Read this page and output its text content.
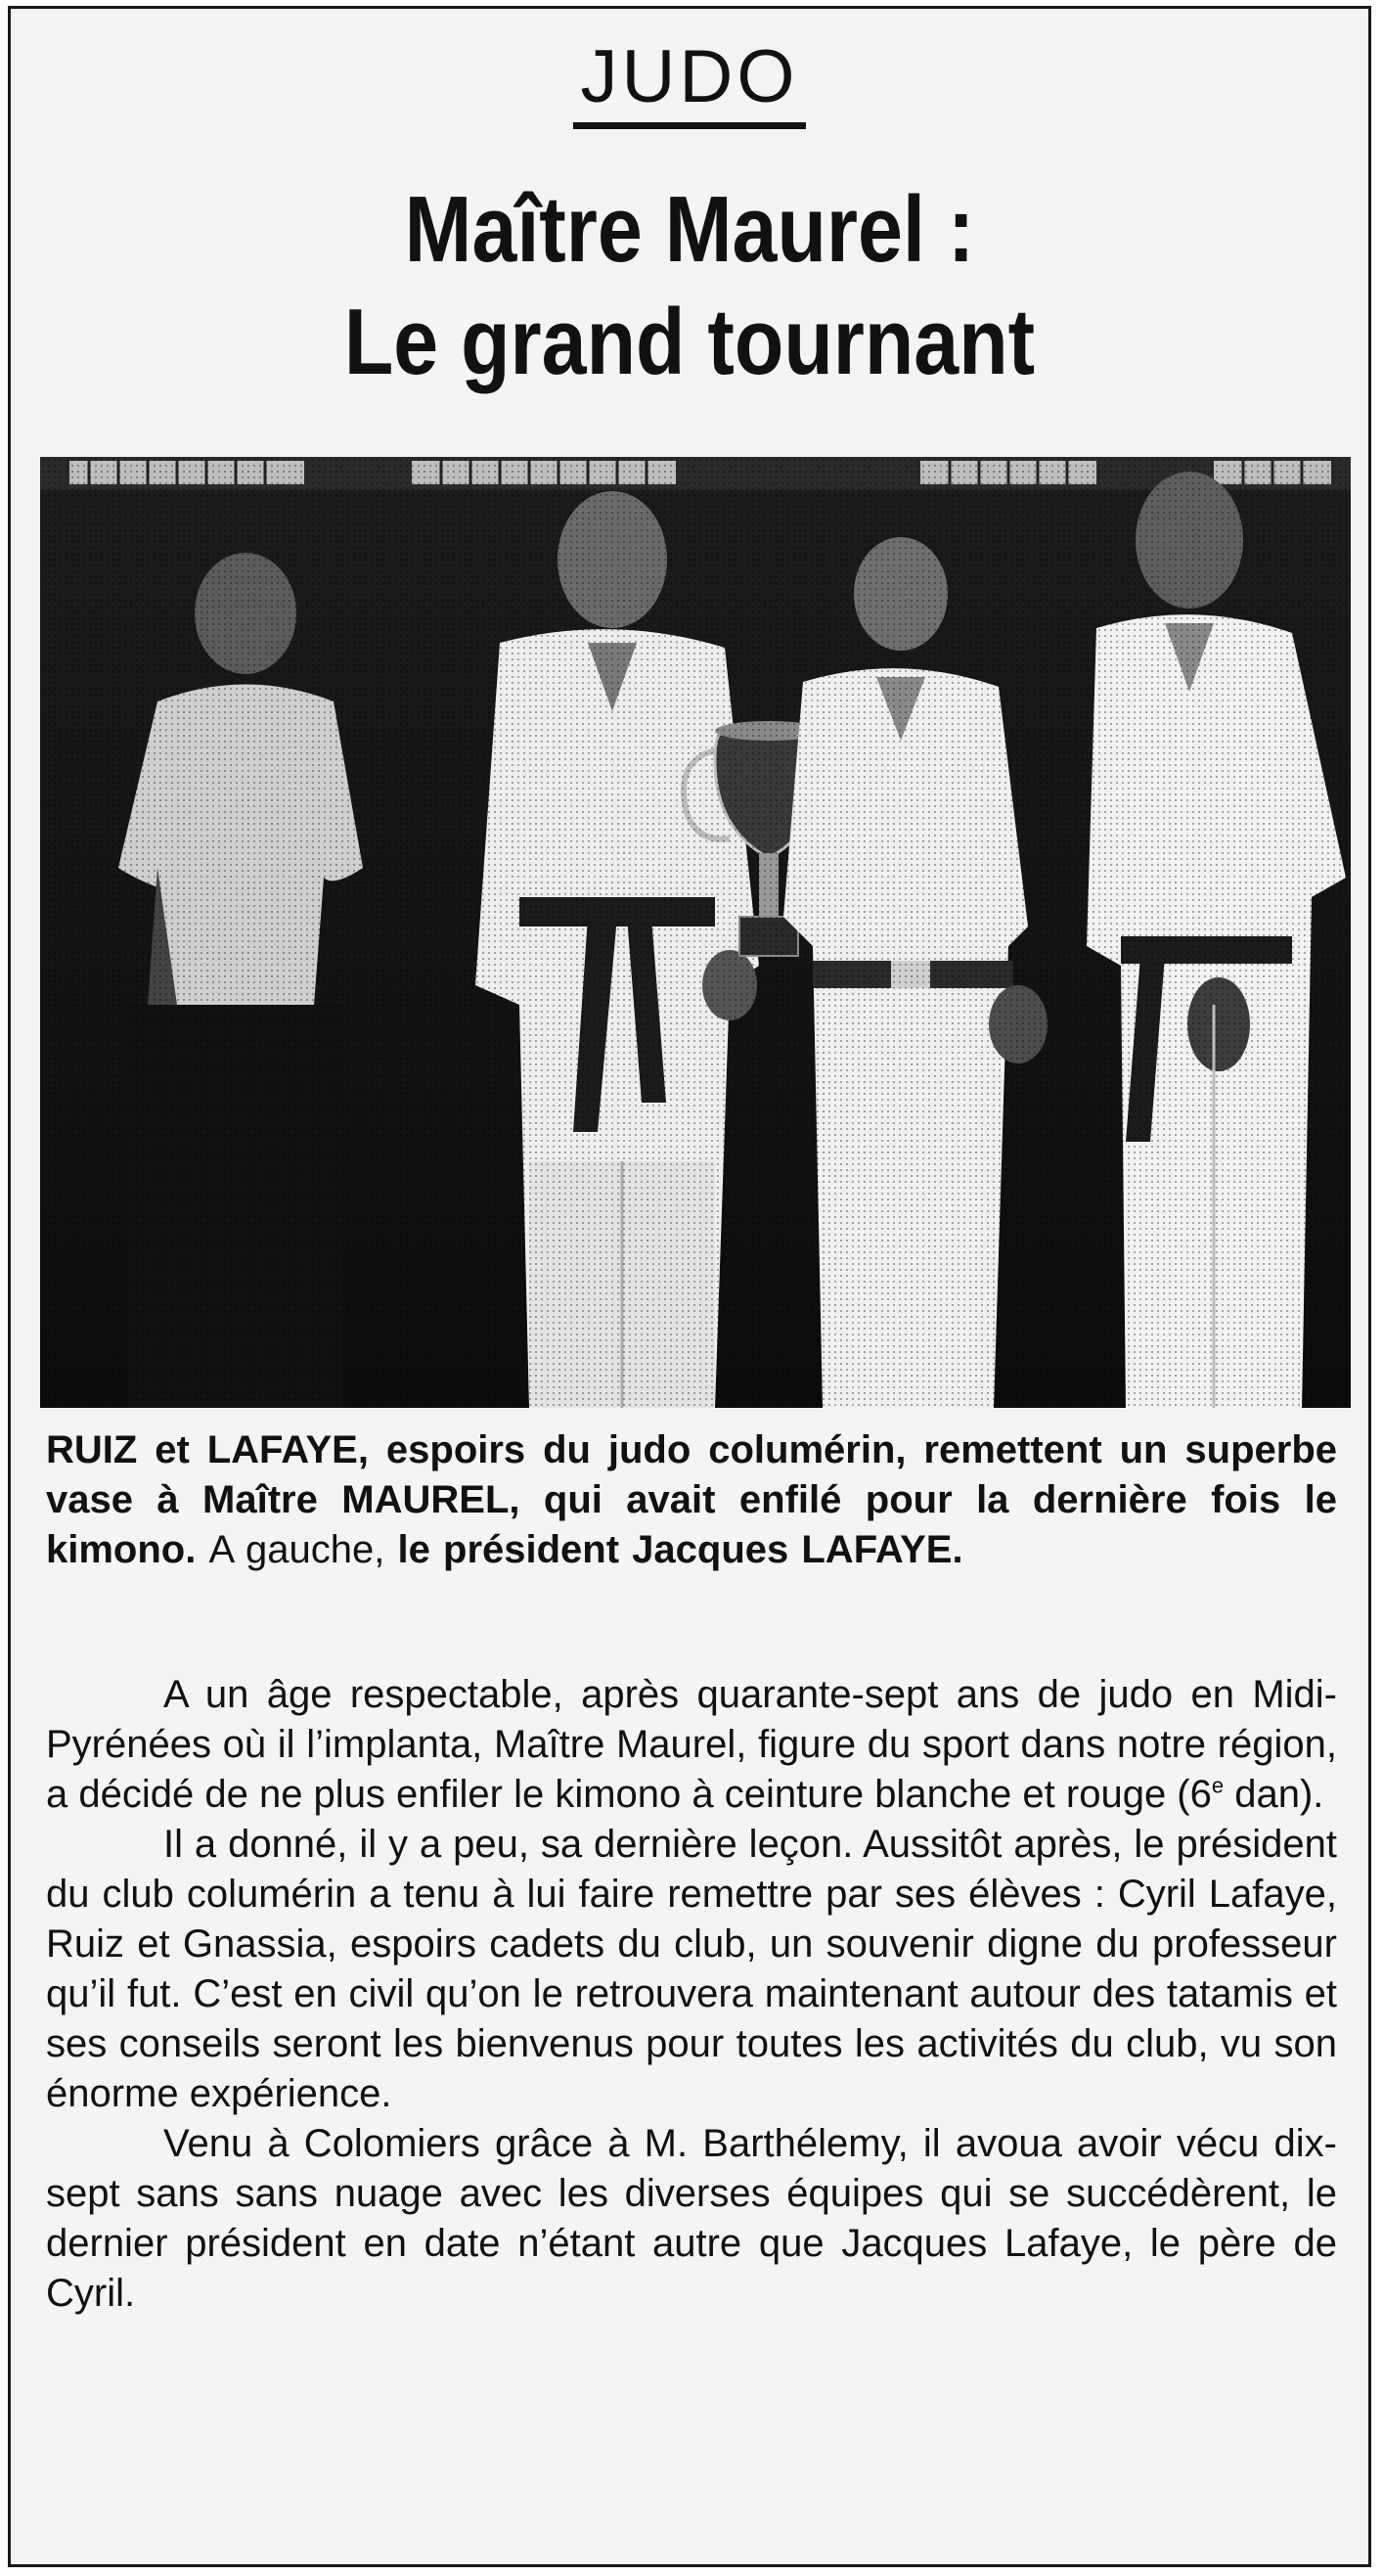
JUDO
Maître Maurel :
Le grand tournant
RUIZ et LAFAYE, espoirs du judo columérin, remettent un superbe vase à Maître MAUREL, qui avait enfilé pour la dernière fois le kimono. A gauche, le président Jacques LAFAYE.

A un âge respectable, après quarante-sept ans de judo en Midi-Pyrénées où il l’implanta, Maître Maurel, figure du sport dans notre région, a décidé de ne plus enfiler le kimono à ceinture blanche et rouge (6e dan).

Il a donné, il y a peu, sa dernière leçon. Aussitôt après, le président du club columérin a tenu à lui faire remettre par ses élèves : Cyril Lafaye, Ruiz et Gnassia, espoirs cadets du club, un souvenir digne du professeur qu’il fut. C’est en civil qu’on le retrouvera maintenant autour des tatamis et ses conseils seront les bienvenus pour toutes les activités du club, vu son énorme expérience.

Venu à Colomiers grâce à M. Barthélemy, il avoua avoir vécu dix-sept sans sans nuage avec les diverses équipes qui se succédèrent, le dernier président en date n’étant autre que Jacques Lafaye, le père de Cyril.
